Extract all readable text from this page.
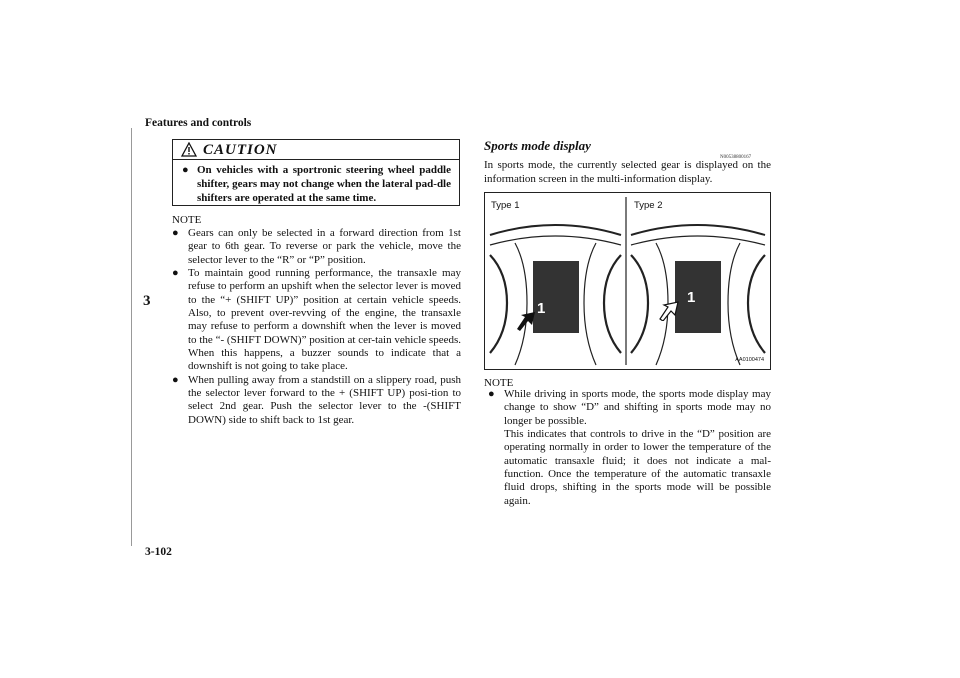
Features and controls
3
CAUTION
● On vehicles with a sportronic steering wheel paddle shifter, gears may not change when the lateral pad-dle shifters are operated at the same time.
NOTE
● Gears can only be selected in a forward direction from 1st gear to 6th gear. To reverse or park the vehicle, move the selector lever to the “R” or “P” position.
● To maintain good running performance, the transaxle may refuse to perform an upshift when the selector lever is moved to the “+ (SHIFT UP)” position at certain vehicle speeds. Also, to prevent over-revving of the engine, the transaxle may refuse to perform a downshift when the lever is moved to the “- (SHIFT DOWN)” position at cer-tain vehicle speeds. When this happens, a buzzer sounds to indicate that a downshift is not going to take place.
● When pulling away from a standstill on a slippery road, push the selector lever forward to the + (SHIFT UP) posi-tion to select 2nd gear. Push the selector lever to the -(SHIFT DOWN) side to shift back to 1st gear.
Sports mode display
N00538800167
In sports mode, the currently selected gear is displayed on the information screen in the multi-information display.
Type 1	Type 2
1
1
AA0100474
NOTE
● While driving in sports mode, the sports mode display may change to show “D” and shifting in sports mode may no longer be possible.
This indicates that controls to drive in the “D” position are operating normally in order to lower the temperature of the automatic transaxle fluid; it does not indicate a mal-function. Once the temperature of the automatic transaxle fluid drops, shifting in the sports mode will be possible again.
3-102
